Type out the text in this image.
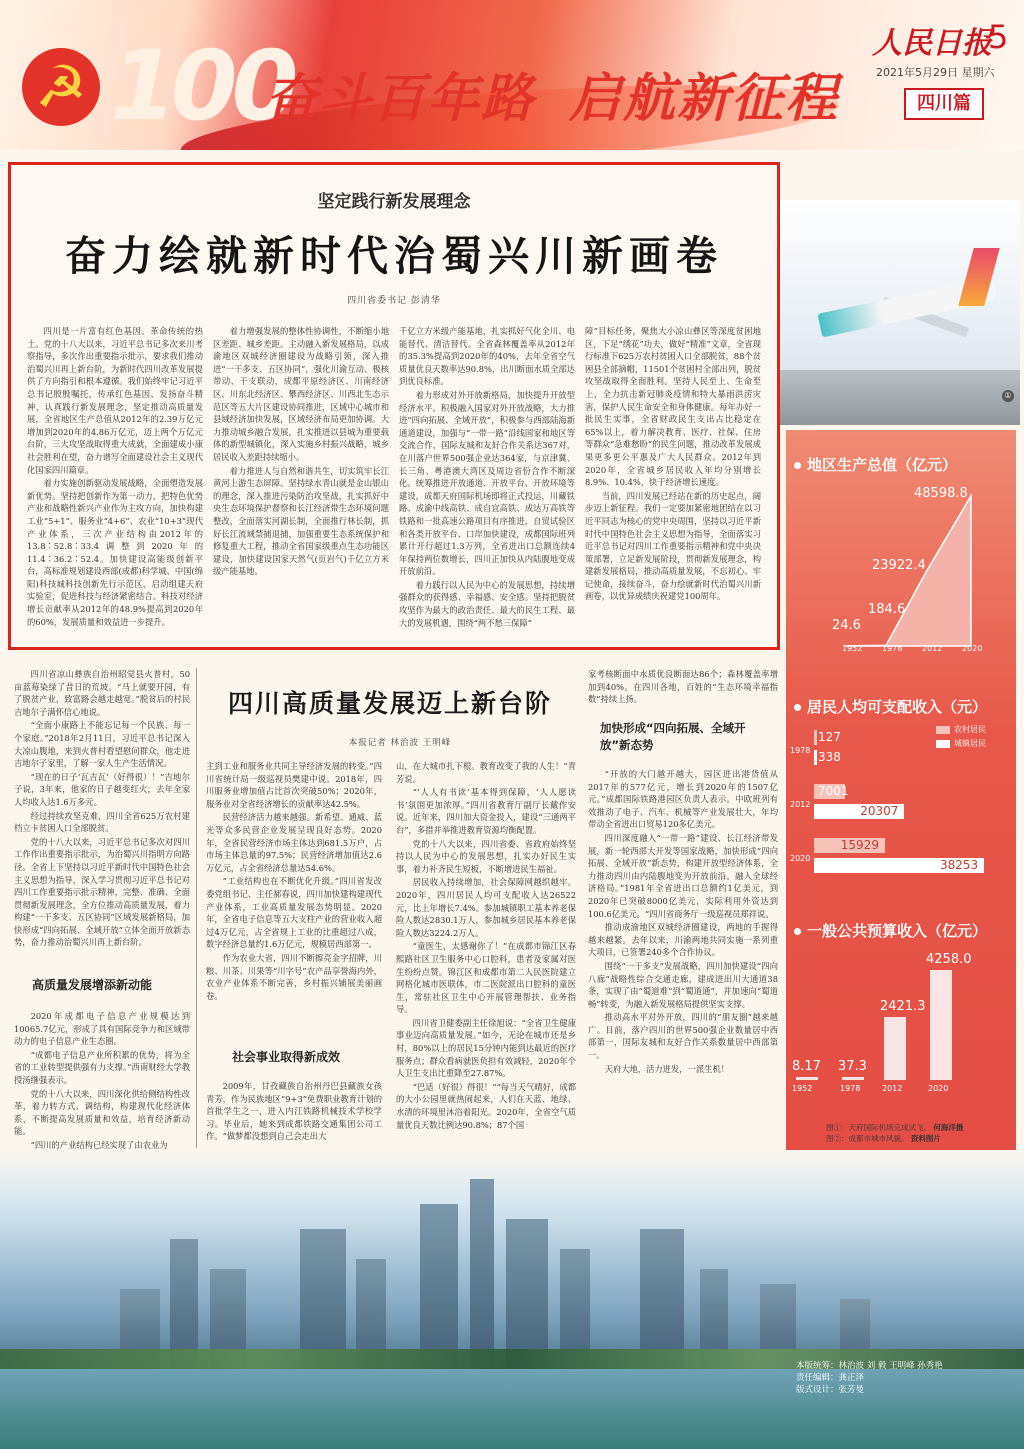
☭ 100
奋斗百年路 启航新征程
人民日报
5
2021年5月29日 星期六
四川篇
坚定践行新发展理念
奋力绘就新时代治蜀兴川新画卷
四川省委书记 彭清华

四川是一片富有红色基因、革命传统的热土。党的十八大以来，习近平总书记多次来川考察指导，多次作出重要指示批示，要求我们推动治蜀兴川再上新台阶，为新时代四川改革发展提供了方向指引和根本遵循。我们始终牢记习近平总书记殷殷嘱托，传承红色基因、发扬奋斗精神，认真践行新发展理念，坚定推动高质量发展，全省地区生产总值从2012年的2.39万亿元增加到2020年的4.86万亿元，迈上两个万亿元台阶，三大攻坚战取得重大成就，全面建成小康社会胜利在望，奋力谱写全面建设社会主义现代化国家四川篇章。

着力实施创新驱动发展战略，全面塑造发展新优势。坚持把创新作为第一动力，把特色优势产业和战略性新兴产业作为主攻方向，加快构建工业“5+1”、服务业“4+6”、农业“10+3”现代产业体系，三次产业结构由2012年的13.8∶52.8∶33.4调整到2020年的11.4∶36.2∶52.4。加快建设高能级创新平台，高标准规划建设西部(成都)科学城、中国(绵阳)科技城科技创新先行示范区，启动组建天府实验室，促进科技与经济紧密结合。科技对经济增长贡献率从2012年的48.9%提高到2020年的60%，发展质量和效益进一步提升。

着力增强发展的整体性协调性，不断缩小地区差距、城乡差距。主动融入新发展格局，以成渝地区双城经济圈建设为战略引领，深入推进“一干多支、五区协同”，强化川渝互动、极核带动、干支联动，成都平原经济区、川南经济区、川东北经济区、攀西经济区、川西北生态示范区等五大片区建设协同推进，区域中心城市和县域经济加快发展，区域经济布局更加协调。大力推动城乡融合发展，扎实推进以县城为重要载体的新型城镇化，深入实施乡村振兴战略，城乡居民收入差距持续缩小。

着力推进人与自然和谐共生，切实筑牢长江黄河上游生态屏障。坚持绿水青山就是金山银山的理念，深入推进污染防治攻坚战，扎实抓好中央生态环境保护督察和长江经济带生态环境问题整改，全面落实河湖长制，全面推行林长制，抓好长江流域禁捕退捕，加强重要生态系统保护和修复重大工程，推动全省国家级重点生态功能区建设，加快建设国家天然气(页岩气)千亿立方米级产能基地。

千亿立方米级产能基地，扎实抓好气化全川、电能替代、清洁替代。全省森林覆盖率从2012年的35.3%提高到2020年的40%，去年全省空气质量优良天数率达90.8%，出川断面水质全部达到优良标准。

着力形成对外开放新格局，加快提升开放型经济水平。积极融入国家对外开放战略，大力推进“四向拓展、全域开放”，积极参与西部陆海新通道建设，加强与“一带一路”沿线国家和地区等交流合作，国际友城和友好合作关系达367对，在川落户世界500强企业达364家，与京津冀、长三角、粤港澳大湾区及周边省份合作不断深化。统筹推进开放通道、开放平台、开放环境等建设，成都天府国际机场即将正式投运，川藏铁路、成渝中线高铁、成自宜高铁、成达万高铁等铁路和一批高速公路项目有序推进，自贸试验区和各类开放平台、口岸加快建设，成都国际班列累计开行超过1.3万列，全省进出口总额连续4年保持两位数增长，四川正加快从内陆腹地变成开放前沿。

着力践行以人民为中心的发展思想，持续增强群众的获得感、幸福感、安全感。坚持把脱贫攻坚作为最大的政治责任、最大的民生工程、最大的发展机遇，围绕“两不愁三保障”

障”目标任务，聚焦大小凉山彝区等深度贫困地区，下足“绣花”功夫，做好“精准”文章，全省现行标准下625万农村贫困人口全部脱贫，88个贫困县全部摘帽，11501个贫困村全部出列，脱贫攻坚战取得全面胜利。坚持人民至上、生命至上，全力抗击新冠肺炎疫情和特大暴雨洪涝灾害，保护人民生命安全和身体健康。每年办好一批民生实事，全省财政民生支出占比稳定在65%以上，着力解决教育、医疗、社保、住房等群众“急难愁盼”的民生问题，推动改革发展成果更多更公平惠及广大人民群众。2012年到2020年，全省城乡居民收入年均分别增长8.9%、10.4%，快于经济增长速度。

当前，四川发展已经站在新的历史起点，阔步迈上新征程。我们一定要加紧密地团结在以习近平同志为核心的党中央周围，坚持以习近平新时代中国特色社会主义思想为指导，全面落实习近平总书记对四川工作重要指示精神和党中央决策部署，立足新发展阶段，贯彻新发展理念，构建新发展格局，推动高质量发展，不忘初心、牢记使命，接续奋斗，奋力绘就新时代治蜀兴川新画卷，以优异成绩庆祝建党100周年。

①
地区生产总值（亿元）
48598.8
23922.4
184.6
24.6
1952 1978 2012 2020
居民人均可支配收入（元）
农村居民
城镇居民
127
338
7001
20307
15929
38253
1978
2012
2020
一般公共预算收入（亿元）
8.17 37.3
2421.3
4258.0
1952	1978	2012	2020
四川高质量发展迈上新台阶
本报记者 林治波 王明峰

四川省凉山彝族自治州昭觉县火普村，50亩蓝莓染绿了昔日的荒坡。“马上就要开园，有了脱贫产业，致富路会越走越宽。”脱贫后的村民吉地尔子满怀信心地说。

“全面小康路上不能忘记每一个民族、每一个家庭。”2018年2月11日，习近平总书记深入大凉山腹地，来到火普村看望慰问群众，他走进吉地尔子家里，了解一家人生产生活情况。

“现在的日子‘瓦吉瓦’（好得很）！”吉地尔子说，3年来，他家的日子越变红火，去年全家人均收入达1.6万多元。

经过持续攻坚克难，四川全省625万农村建档立卡贫困人口全部脱贫。

党的十八大以来，习近平总书记多次对四川工作作出重要指示批示，为治蜀兴川指明方向路径。全省上下坚持以习近平新时代中国特色社会主义思想为指导，深入学习贯彻习近平总书记对四川工作重要指示批示精神，完整、准确、全面贯彻新发展理念，全方位推动高质量发展，着力构建“一干多支、五区协同”区域发展新格局，加快形成“四向拓展、全域开放”立体全面开放新态势，奋力推动治蜀兴川再上新台阶。

高质量发展增添新动能

2020年成都电子信息产业规模达到10065.7亿元，形成了具有国际竞争力和区域带动力的电子信息产业生态圈。

“成都电子信息产业所积累的优势，将为全省的工业转型提供强有力支撑。”西南财经大学教授汤继强表示。

党的十八大以来，四川深化供给侧结构性改革，着力转方式、调结构，构建现代化经济体系，不断提高发展质量和效益，培育经济新动能。

“四川的产业结构已经实现了由农业为

主到工业和服务业共同主导经济发展的转变。”四川省统计局一级巡视员樊建中说。2018年，四川服务业增加值占比首次突破50%；2020年，服务业对全省经济增长的贡献率达42.5%。

民营经济活力越来越强。新希望、通威、蓝光等众多民营企业发展呈现良好态势。2020年，全省民营经济市场主体达到681.5万户，占市场主体总量的97.5%；民营经济增加值达2.6万亿元，占全省经济总量达54.6%。

“工业结构也在不断优化升级。”四川省发改委党组书记、主任郝春说，四川加快建构建现代产业体系，工业高质量发展态势明显。2020年，全省电子信息等五大支柱产业的营业收入超过4万亿元，占全省规上工业的比重超过八成，数字经济总量约1.6万亿元，规模居西部第一。

作为农业大省，四川不断擦亮金字招牌，川粮、川茶、川果等“川字号”农产品享誉海内外，农业产业体系不断完善，乡村振兴铺展美丽画卷。

社会事业取得新成效

2009年，甘孜藏族自治州丹巴县藏族女孩青芳，作为民族地区“9+3”免费职业教育计划的首批学生之一，进入内江铁路机械技术学校学习。毕业后，她来到成都铁路交通集团公司工作。“做梦都没想到自己会走出大

山，在大城市扎下根。教育改变了我的人生！”青芳说。

“‘人人有书读’基本得到保障，‘人人愿读书’氛围更加浓厚。”四川省教育厅副厅长戴作安说。近年来，四川加大资金投入，建设“三通两平台”，多措并举推进教育资源均衡配置。

党的十八大以来，四川省委、省政府始终坚持以人民为中心的发展思想，扎实办好民生实事，着力补齐民生短板，不断增进民生福祉。

居民收入持续增加，社会保障网越织越牢。2020年，四川居民人均可支配收入达26522元，比上年增长7.4%。参加城镇职工基本养老保险人数达2830.1万人，参加城乡居民基本养老保险人数达3224.2万人。

“童医生，太感谢你了！”在成都市锦江区春熙路社区卫生服务中心口腔科，患者及家属对医生纷纷点赞。锦江区和成都市第二人民医院建立网格化城市医联体，市二医院派出口腔科的童医生，常驻社区卫生中心开展管理帮扶、业务指导。

四川省卫健委副主任徐旭说：“全省卫生健康事业迈向高质量发展。”如今，无论在城市还是乡村，80%以上的居民15分钟内能到达最近的医疗服务点；群众看病就医负担有效减轻，2020年个人卫生支出比重降至27.87%。

“巴适（好很）得很！”“每当天气晴好，成都的大小公园里就热闹起来，人们在天蓝、地绿、水清的环境里沐浴着阳光。2020年，全省空气质量优良天数比例达90.8%；87个国

家考核断面中水质优良断面达86个；森林覆盖率增加到40%。在四川各地，百姓的“生态环境幸福指数”持续上扬。

加快形成“四向拓展、全域开放”新态势

“开放的大门越开越大，园区进出港货值从2017年的577亿元，增长到2020年的1507亿元。”成都国际铁路港园区负责人表示。中欧班列有效推动了电子、汽车、机械等产业发展壮大，年均带动全省进出口贸易120多亿美元。

四川深度融入“一带一路”建设、长江经济带发展，新一轮西部大开发等国家战略，加快形成“四向拓展、全域开放”新态势，构建开放型经济体系，全力推动四川由内陆腹地变为开放前沿。融入全球经济格局。”1981年全省进出口总额约1亿美元，到2020年已突破8000亿美元，实际利用外资达到100.6亿美元。“四川省商务厅一级巡视员郑祥说。

推动成渝地区双城经济圈建设，两地的手握得越来越紧。去年以来，川渝两地共同实施一系列重大项目，已签署240多个合作协议。

围绕“一干多支”发展战略，四川加快建设“四向八廊”战略性综合交通走廊，建成进出川大通道38条，实现了由“蜀道难”到“蜀道通”，并加速向“蜀道畅”转变，为融入新发展格局提供坚实支撑。

推动高水平对外开放，四川的“朋友圈”越来越广。目前，落户四川的世界500强企业数量居中西部第一，国际友城和友好合作关系数量居中西部第一。

天府大地，活力迸发，一派生机！

图①：天府国际机场完成试飞。 何海洋摄
图②：成都市城市风貌。 资料图片
本版统筹：林治波 刘 毅 王明峰 孙秀艳
责任编辑：龚正泽
版式设计：张芳曼
